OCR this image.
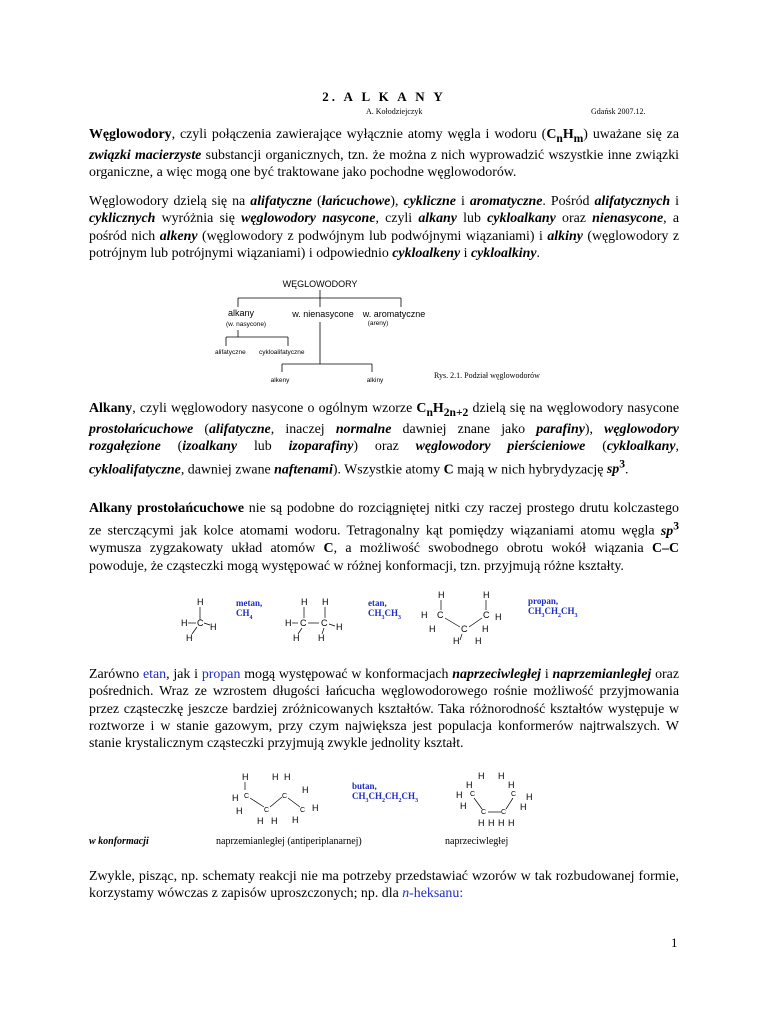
2. A L K A N Y
A. Kołodziejczyk	Gdańsk 2007.12.

Węglowodory, czyli połączenia zawierające wyłącznie atomy węgla i wodoru $(C_nH_m)$ uważane się za związki macierzyste substancji organicznych, tzn. że można z nich wyprowadzić wszystkie inne związki organiczne, a więc mogą one być traktowane jako pochodne węglowodorów.

Węglowodory dzielą się na alifatyczne (łańcuchowe), cykliczne i aromatyczne. Pośród alifatycznych i cyklicznych wyróżnia się węglowodory nasycone, czyli alkany lub cykloalkany oraz nienasycone, a pośród nich alkeny (węglowodory z podwójnym lub podwójnymi wiązaniami) i alkiny (węglowodory z potrójnym lub potrójnymi wiązaniami) i odpowiednio cykloalkeny i cykloalkiny.

WĘGLOWODORY
alkany
(w. nasycone)
w. nienasycone w. aromatyczne
(areny)
alifatyczne cykloalifatyczne
alkeny	alkiny
Rys. 2.1. Podział węglowodorów

Alkany, czyli węglowodory nasycone o ogólnym wzorze $C_nH_{2n+2}$ dzielą się na węglowodory nasycone prostołańcuchowe (alifatyczne, inaczej normalne dawniej znane jako parafiny), węglowodory rozgałęzione (izoalkany lub izoparafiny) oraz węglowodory pierścieniowe (cykloalkany, cykloalifatyczne, dawniej zwane naftenami). Wszystkie atomy C mają w nich hybrydyzację $sp^3$.

Alkany prostołańcuchowe nie są podobne do rozciągniętej nitki czy raczej prostego drutu kolczastego ze sterczącymi jak kolce atomami wodoru. Tetragonalny kąt pomiędzy wiązaniami atomu węgla $sp^3$ wymusza zygzakowaty układ atomów C, a możliwość swobodnego obrotu wokół wiązania C–C powoduje, że cząsteczki mogą występować w różnej konformacji, tzn. przyjmują różne kształty.

H
H C H
H
H H
H C C H
H H
H	H
H C
C
C H
H
H H
H
metan,
$CH_4$
etan,
$CH_3CH_3$
propan,
$CH_3CH_2CH_3$

Zarówno etan, jak i propan mogą występować w konformacjach naprzeciwległej i naprzemianległej oraz pośrednich. Wraz ze wzrostem długości łańcucha węglowodorowego rośnie możliwość przyjmowania przez cząsteczkę jeszcze bardziej zróżnicowanych kształtów. Taka różnorodność kształtów występuje w roztworze i w stanie gazowym, przy czym największa jest populacja konformerów najtrwalszych. W stanie krystalicznym cząsteczki przyjmują zwykle jednolity kształt.

H	H H
H
H C
C
C
C H
H
H H H
H H
H	H
H C	C H
H	H
C C
H H H H
butan,
$CH_3CH_2CH_2CH_3$
w konformacji	naprzemianległej (antiperiplanarnej)	naprzeciwległej

Zwykle, pisząc, np. schematy reakcji nie ma potrzeby przedstawiać wzorów w tak rozbudowanej formie, korzystamy wówczas z zapisów uproszczonych; np. dla n-heksanu:

1
